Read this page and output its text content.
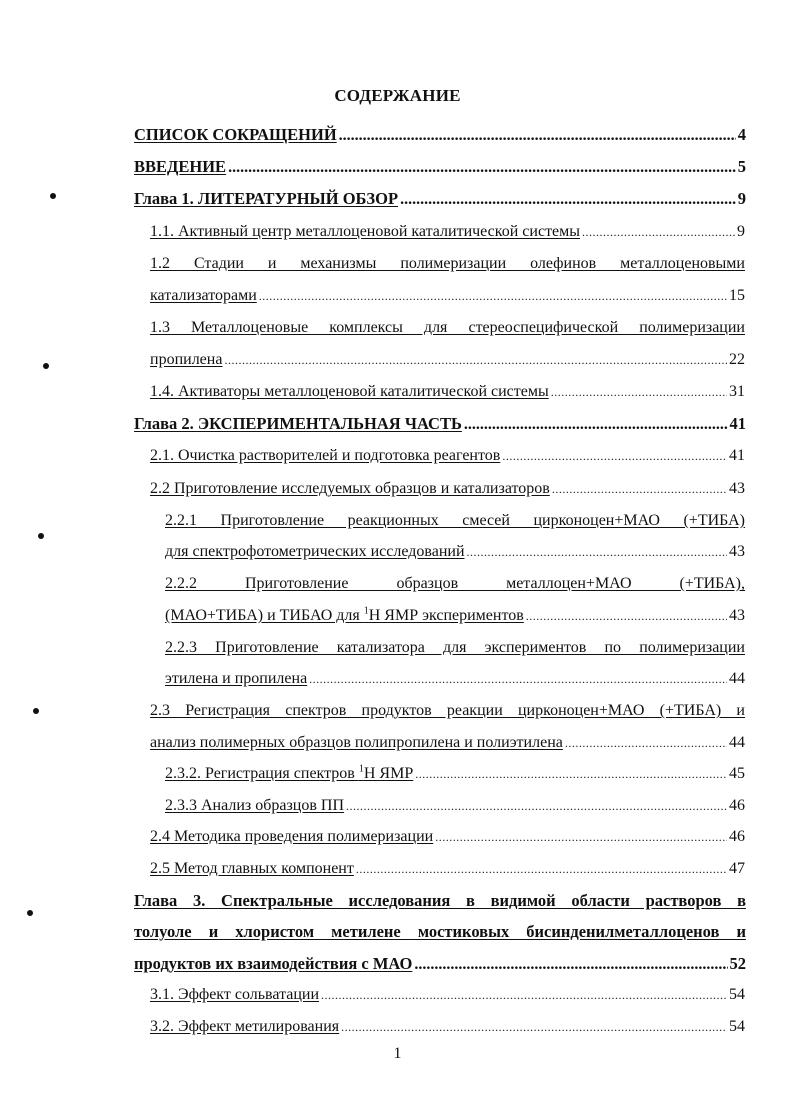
СОДЕРЖАНИЕ
СПИСОК СОКРАЩЕНИЙ .....	4
ВВЕДЕНИЕ .....	5
Глава 1. ЛИТЕРАТУРНЫЙ ОБЗОР .....	9
1.1. Активный центр металлоценовой каталитической системы .....	9
1.2 Стадии и механизмы полимеризации олефинов металлоценовыми
катализаторами .....	15
1.3 Металлоценовые комплексы для стереоспецифической полимеризации
пропилена .....	22
1.4. Активаторы металлоценовой каталитической системы .....	31
Глава 2. ЭКСПЕРИМЕНТАЛЬНАЯ ЧАСТЬ .....	41
2.1. Очистка растворителей и подготовка реагентов .....	41
2.2 Приготовление исследуемых образцов и катализаторов .....	43
2.2.1 Приготовление реакционных смесей цирконоцен+МАО (+ТИБА)
для спектрофотометрических исследований .....	43
2.2.2 Приготовление образцов металлоцен+МАО (+ТИБА),
(МАО+ТИБА) и ТИБАО для $^1$Н ЯМР экспериментов .....	43
2.2.3 Приготовление катализатора для экспериментов по полимеризации
этилена и пропилена .....	44
2.3 Регистрация спектров продуктов реакции цирконоцен+МАО (+ТИБА) и
анализ полимерных образцов полипропилена и полиэтилена .....	44
2.3.2. Регистрация спектров $^1$Н ЯМР .....	45
2.3.3 Анализ образцов ПП .....	46
2.4 Методика проведения полимеризации .....	46
2.5 Метод главных компонент .....	47
Глава 3. Спектральные исследования в видимой области растворов в
толуоле и хлористом метилене мостиковых бисинденилметаллоценов и
продуктов их взаимодействия с МАО .....	52
3.1. Эффект сольватации .....	54
3.2. Эффект метилирования .....	54
1
